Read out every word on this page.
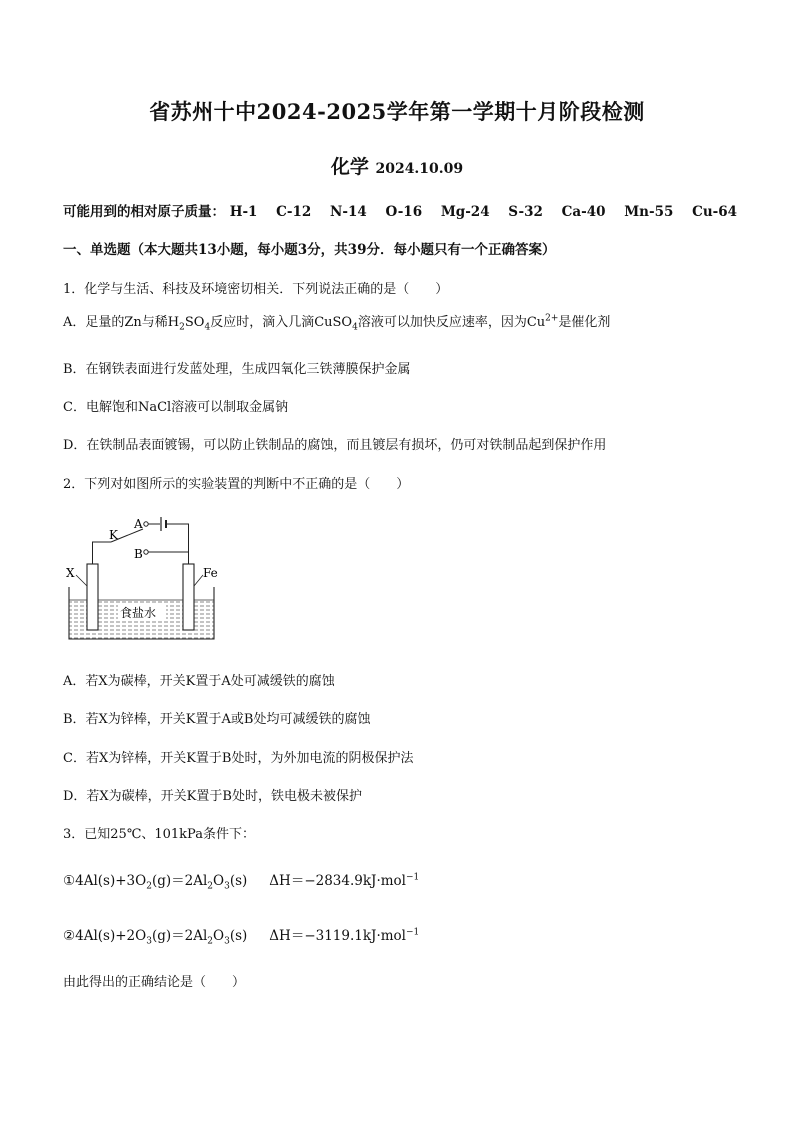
省苏州十中2024-2025学年第一学期十月阶段检测
化学 2024.10.09
可能用到的相对原子质量： H-1 C-12 N-14 O-16 Mg-24 S-32 Ca-40 Mn-55 Cu-64
一、单选题（本大题共13小题，每小题3分，共39分．每小题只有一个正确答案）
1．化学与生活、科技及环境密切相关．下列说法正确的是（　　）
A．足量的Zn与稀$H_2SO_4$反应时，滴入几滴CuSO$_4$溶液可以加快反应速率，因为$Cu^{2+}$是催化剂
B．在钢铁表面进行发蓝处理，生成四氧化三铁薄膜保护金属
C．电解饱和NaCl溶液可以制取金属钠
D．在铁制品表面镀锡，可以防止铁制品的腐蚀，而且镀层有损坏，仍可对铁制品起到保护作用
2．下列对如图所示的实验装置的判断中不正确的是（　　）
A
K
B
X	Fe
食盐水
A．若X为碳棒，开关K置于A处可减缓铁的腐蚀
B．若X为锌棒，开关K置于A或B处均可减缓铁的腐蚀
C．若X为锌棒，开关K置于B处时，为外加电流的阴极保护法
D．若X为碳棒，开关K置于B处时，铁电极未被保护
3．已知25℃、101kPa条件下：
$①4Al(s)+3O_2(g)=2Al_2O_3(s)$ ΔH＝−2834.9kJ·mol$^{-1}$
$②4Al(s)+2O_3(g)=2Al_2O_3(s)$ ΔH＝−3119.1kJ·mol$^{-1}$
由此得出的正确结论是（　　）
